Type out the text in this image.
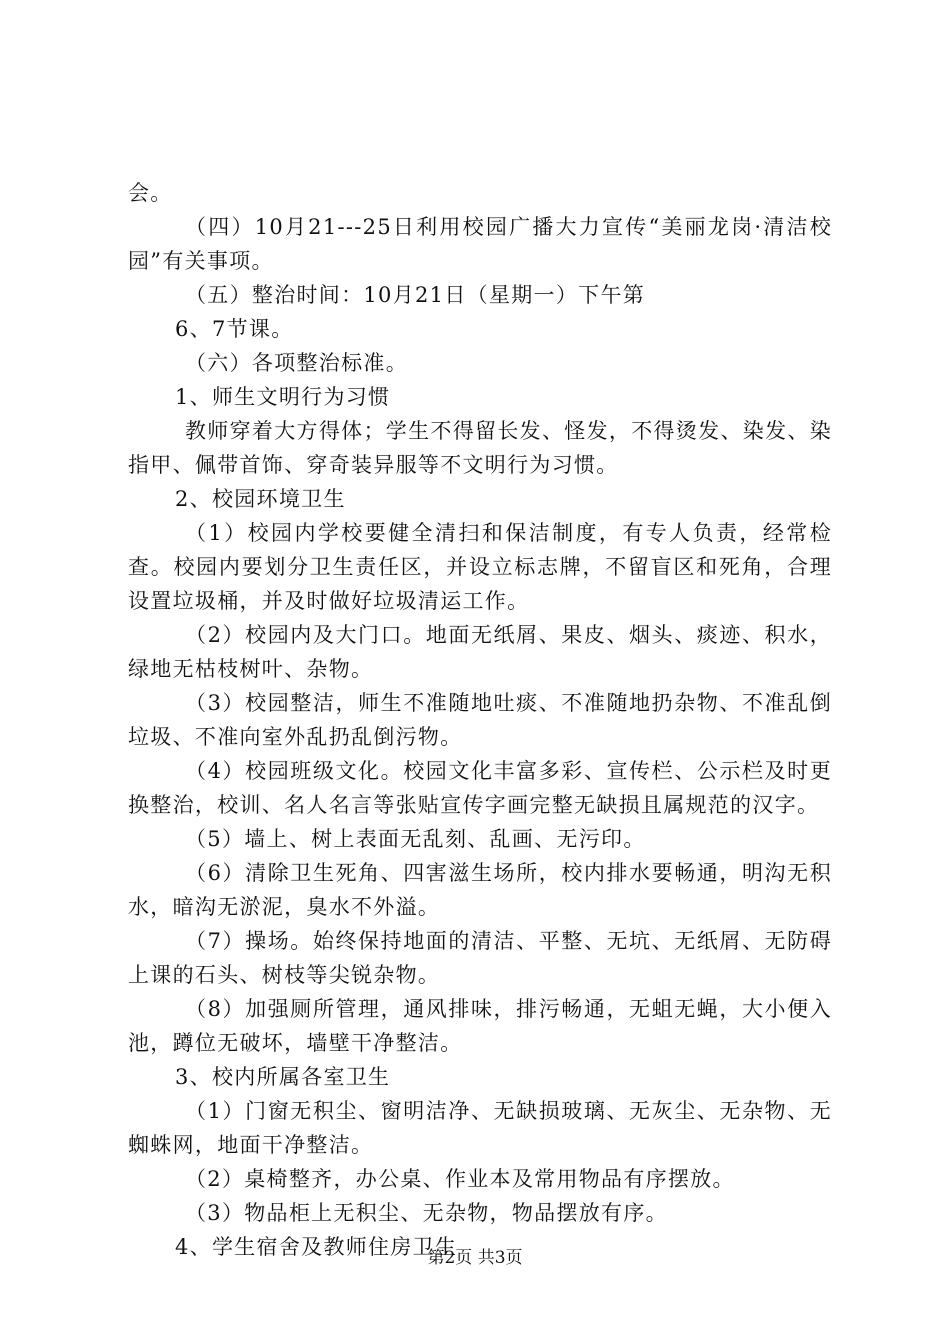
会。

（四）10月21---25日利用校园广播大力宣传“美丽龙岗·清洁校园”有关事项。

（五）整治时间：10月21日（星期一）下午第

6、7节课。

（六）各项整治标准。

1、师生文明行为习惯

教师穿着大方得体；学生不得留长发、怪发，不得烫发、染发、染指甲、佩带首饰、穿奇装异服等不文明行为习惯。

2、校园环境卫生

（1）校园内学校要健全清扫和保洁制度，有专人负责，经常检查。校园内要划分卫生责任区，并设立标志牌，不留盲区和死角，合理设置垃圾桶，并及时做好垃圾清运工作。

（2）校园内及大门口。地面无纸屑、果皮、烟头、痰迹、积水，绿地无枯枝树叶、杂物。

（3）校园整洁，师生不准随地吐痰、不准随地扔杂物、不准乱倒垃圾、不准向室外乱扔乱倒污物。

（4）校园班级文化。校园文化丰富多彩、宣传栏、公示栏及时更换整治，校训、名人名言等张贴宣传字画完整无缺损且属规范的汉字。

（5）墙上、树上表面无乱刻、乱画、无污印。

（6）清除卫生死角、四害滋生场所，校内排水要畅通，明沟无积水，暗沟无淤泥，臭水不外溢。

（7）操场。始终保持地面的清洁、平整、无坑、无纸屑、无防碍上课的石头、树枝等尖锐杂物。

（8）加强厕所管理，通风排味，排污畅通，无蛆无蝇，大小便入池，蹲位无破坏，墙壁干净整洁。

3、校内所属各室卫生

（1）门窗无积尘、窗明洁净、无缺损玻璃、无灰尘、无杂物、无蜘蛛网，地面干净整洁。

（2）桌椅整齐，办公桌、作业本及常用物品有序摆放。

（3）物品柜上无积尘、无杂物，物品摆放有序。

4、学生宿舍及教师住房卫生

第2页 共3页
